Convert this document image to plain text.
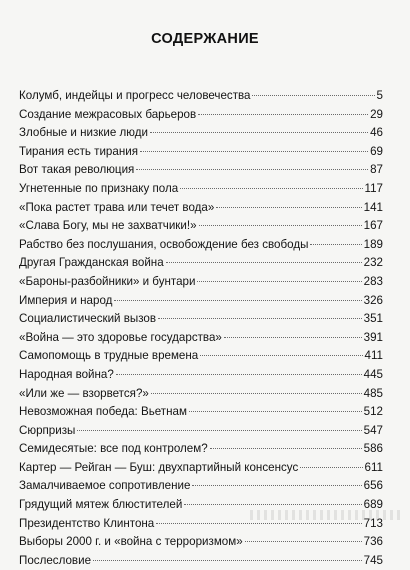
СОДЕРЖАНИЕ
Колумб, индейцы и прогресс человечества	5
Создание межрасовых барьеров	29
Злобные и низкие люди	46
Тирания есть тирания	69
Вот такая революция	87
Угнетенные по признаку пола	117
«Пока растет трава или течет вода»	141
«Слава Богу, мы не захватчики!»	167
Рабство без послушания, освобождение без свободы	189
Другая Гражданская война	232
«Бароны-разбойники» и бунтари	283
Империя и народ	326
Социалистический вызов	351
«Война — это здоровье государства»	391
Самопомощь в трудные времена	411
Народная война?	445
«Или же — взорвется?»	485
Невозможная победа: Вьетнам	512
Сюрпризы	547
Семидесятые: все под контролем?	586
Картер — Рейган — Буш: двухпартийный консенсус	611
Замалчиваемое сопротивление	656
Грядущий мятеж блюстителей	689
Президентство Клинтона	713
Выборы 2000 г. и «война с терроризмом»	736
Послесловие	745
